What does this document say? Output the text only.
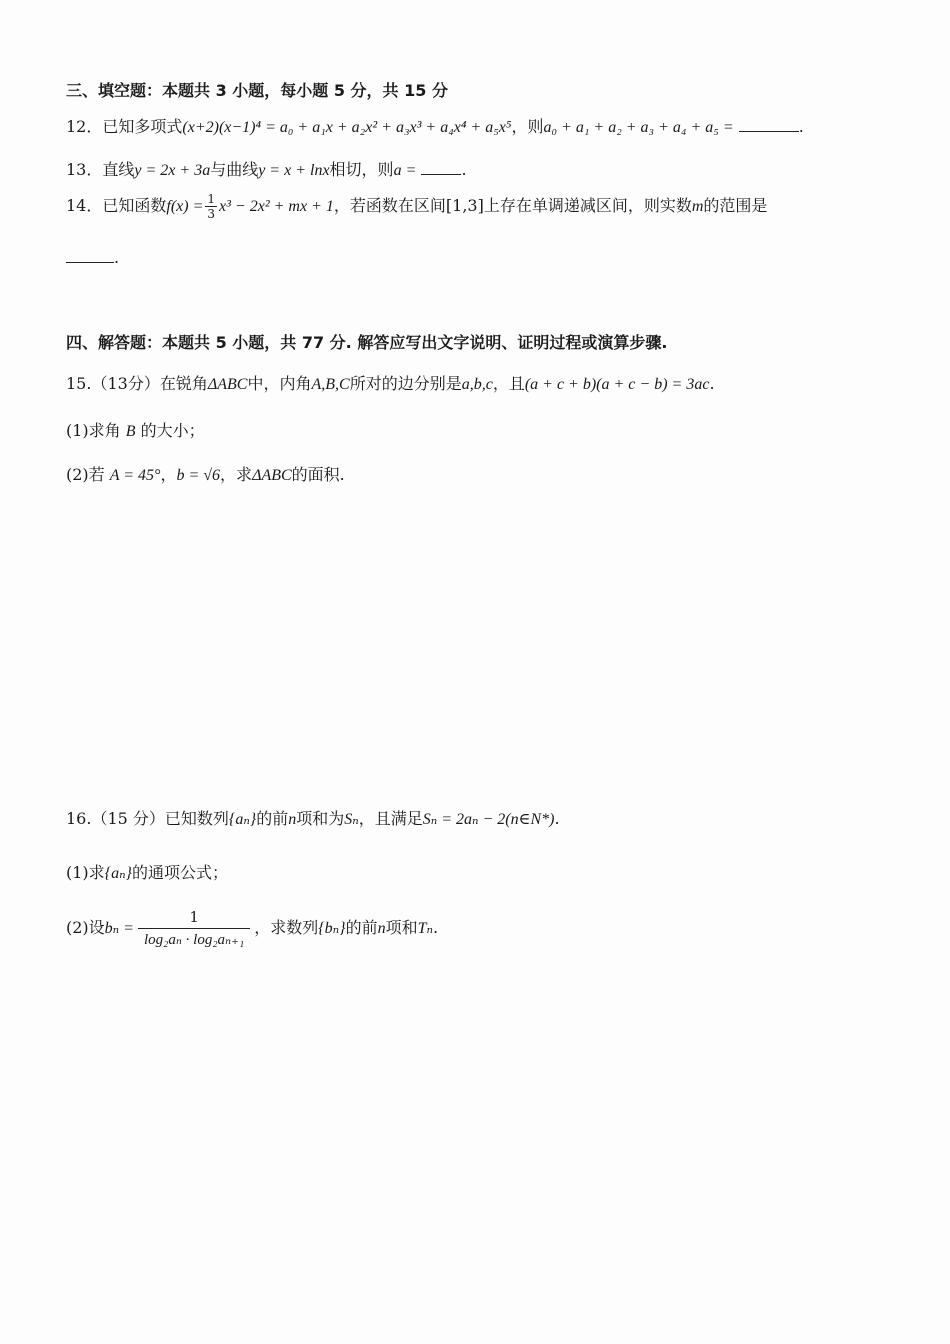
三、填空题：本题共 3 小题，每小题 5 分，共 15 分
12．已知多项式(x+2)(x−1)⁴ = a₀ + a₁x + a₂x² + a₃x³ + a₄x⁴ + a₅x⁵，则a₀ + a₁ + a₂ + a₃ + a₄ + a₅ =	.
13．直线y = 2x + 3a与曲线y = x + lnx相切，则a =	.
14．已知函数$f(x) = \frac{1}{3} x^3 - 2x^2$ + mx + 1，若函数在区间[1,3]上存在单调递减区间，则实数m的范围是
.
四、解答题：本题共 5 小题，共 77 分. 解答应写出文字说明、证明过程或演算步骤.
15.（13分）在锐角ΔABC中，内角A,B,C所对的边分别是a,b,c，且(a + c + b)(a + c − b) = 3ac.
(1)求角 B 的大小；
(2)若 A = 45°，b = √6，求ΔABC的面积.
16.（15 分）已知数列{aₙ}的前n项和为Sₙ，且满足Sₙ = 2aₙ − 2(n∈N*).
(1)求{aₙ}的通项公式；
(2)设$b_n = \frac{1}{\text{log₂aₙ · log₂aₙ₊₁}}$ ，求数列{bₙ}的前n项和Tₙ.
